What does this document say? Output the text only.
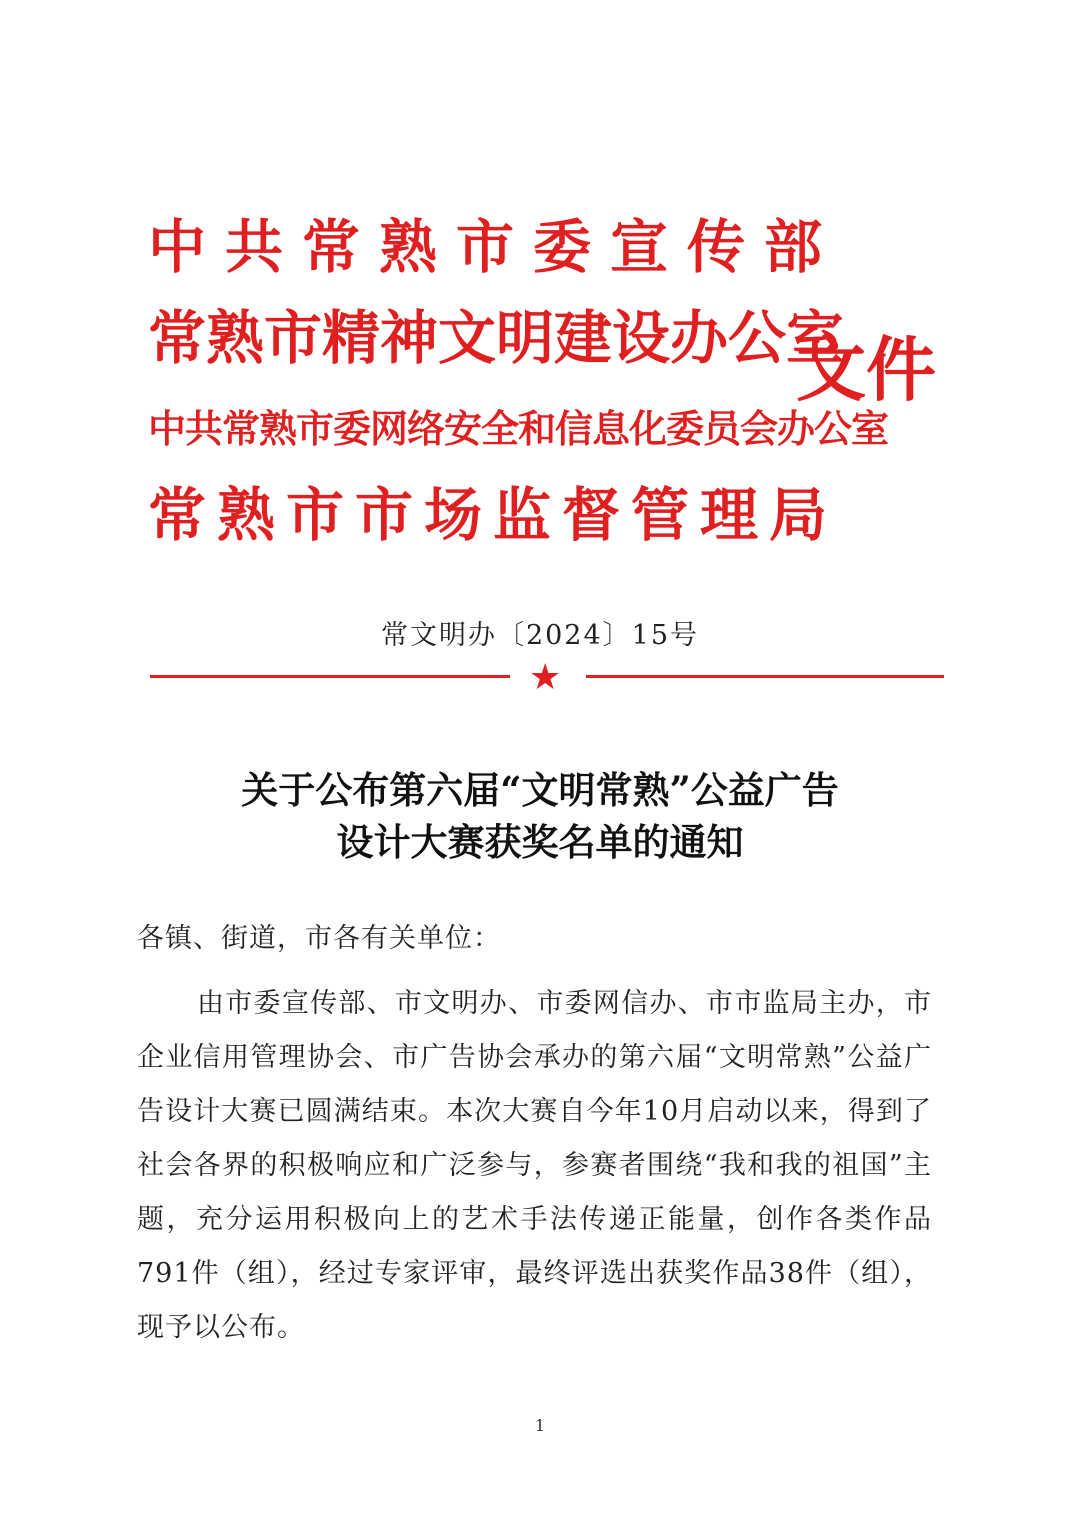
中共常熟市委宣传部
常熟市精神文明建设办公室
中共常熟市委网络安全和信息化委员会办公室
常熟市市场监督管理局
文件
常文明办〔2024〕15号
★
关于公布第六届“文明常熟”公益广告
设计大赛获奖名单的通知
各镇、街道，市各有关单位：
由市委宣传部、市文明办、市委网信办、市市监局主办，市企业信用管理协会、市广告协会承办的第六届“文明常熟”公益广告设计大赛已圆满结束。本次大赛自今年10月启动以来，得到了社会各界的积极响应和广泛参与，参赛者围绕“我和我的祖国”主题，充分运用积极向上的艺术手法传递正能量，创作各类作品791件（组），经过专家评审，最终评选出获奖作品38件（组），现予以公布。
1
